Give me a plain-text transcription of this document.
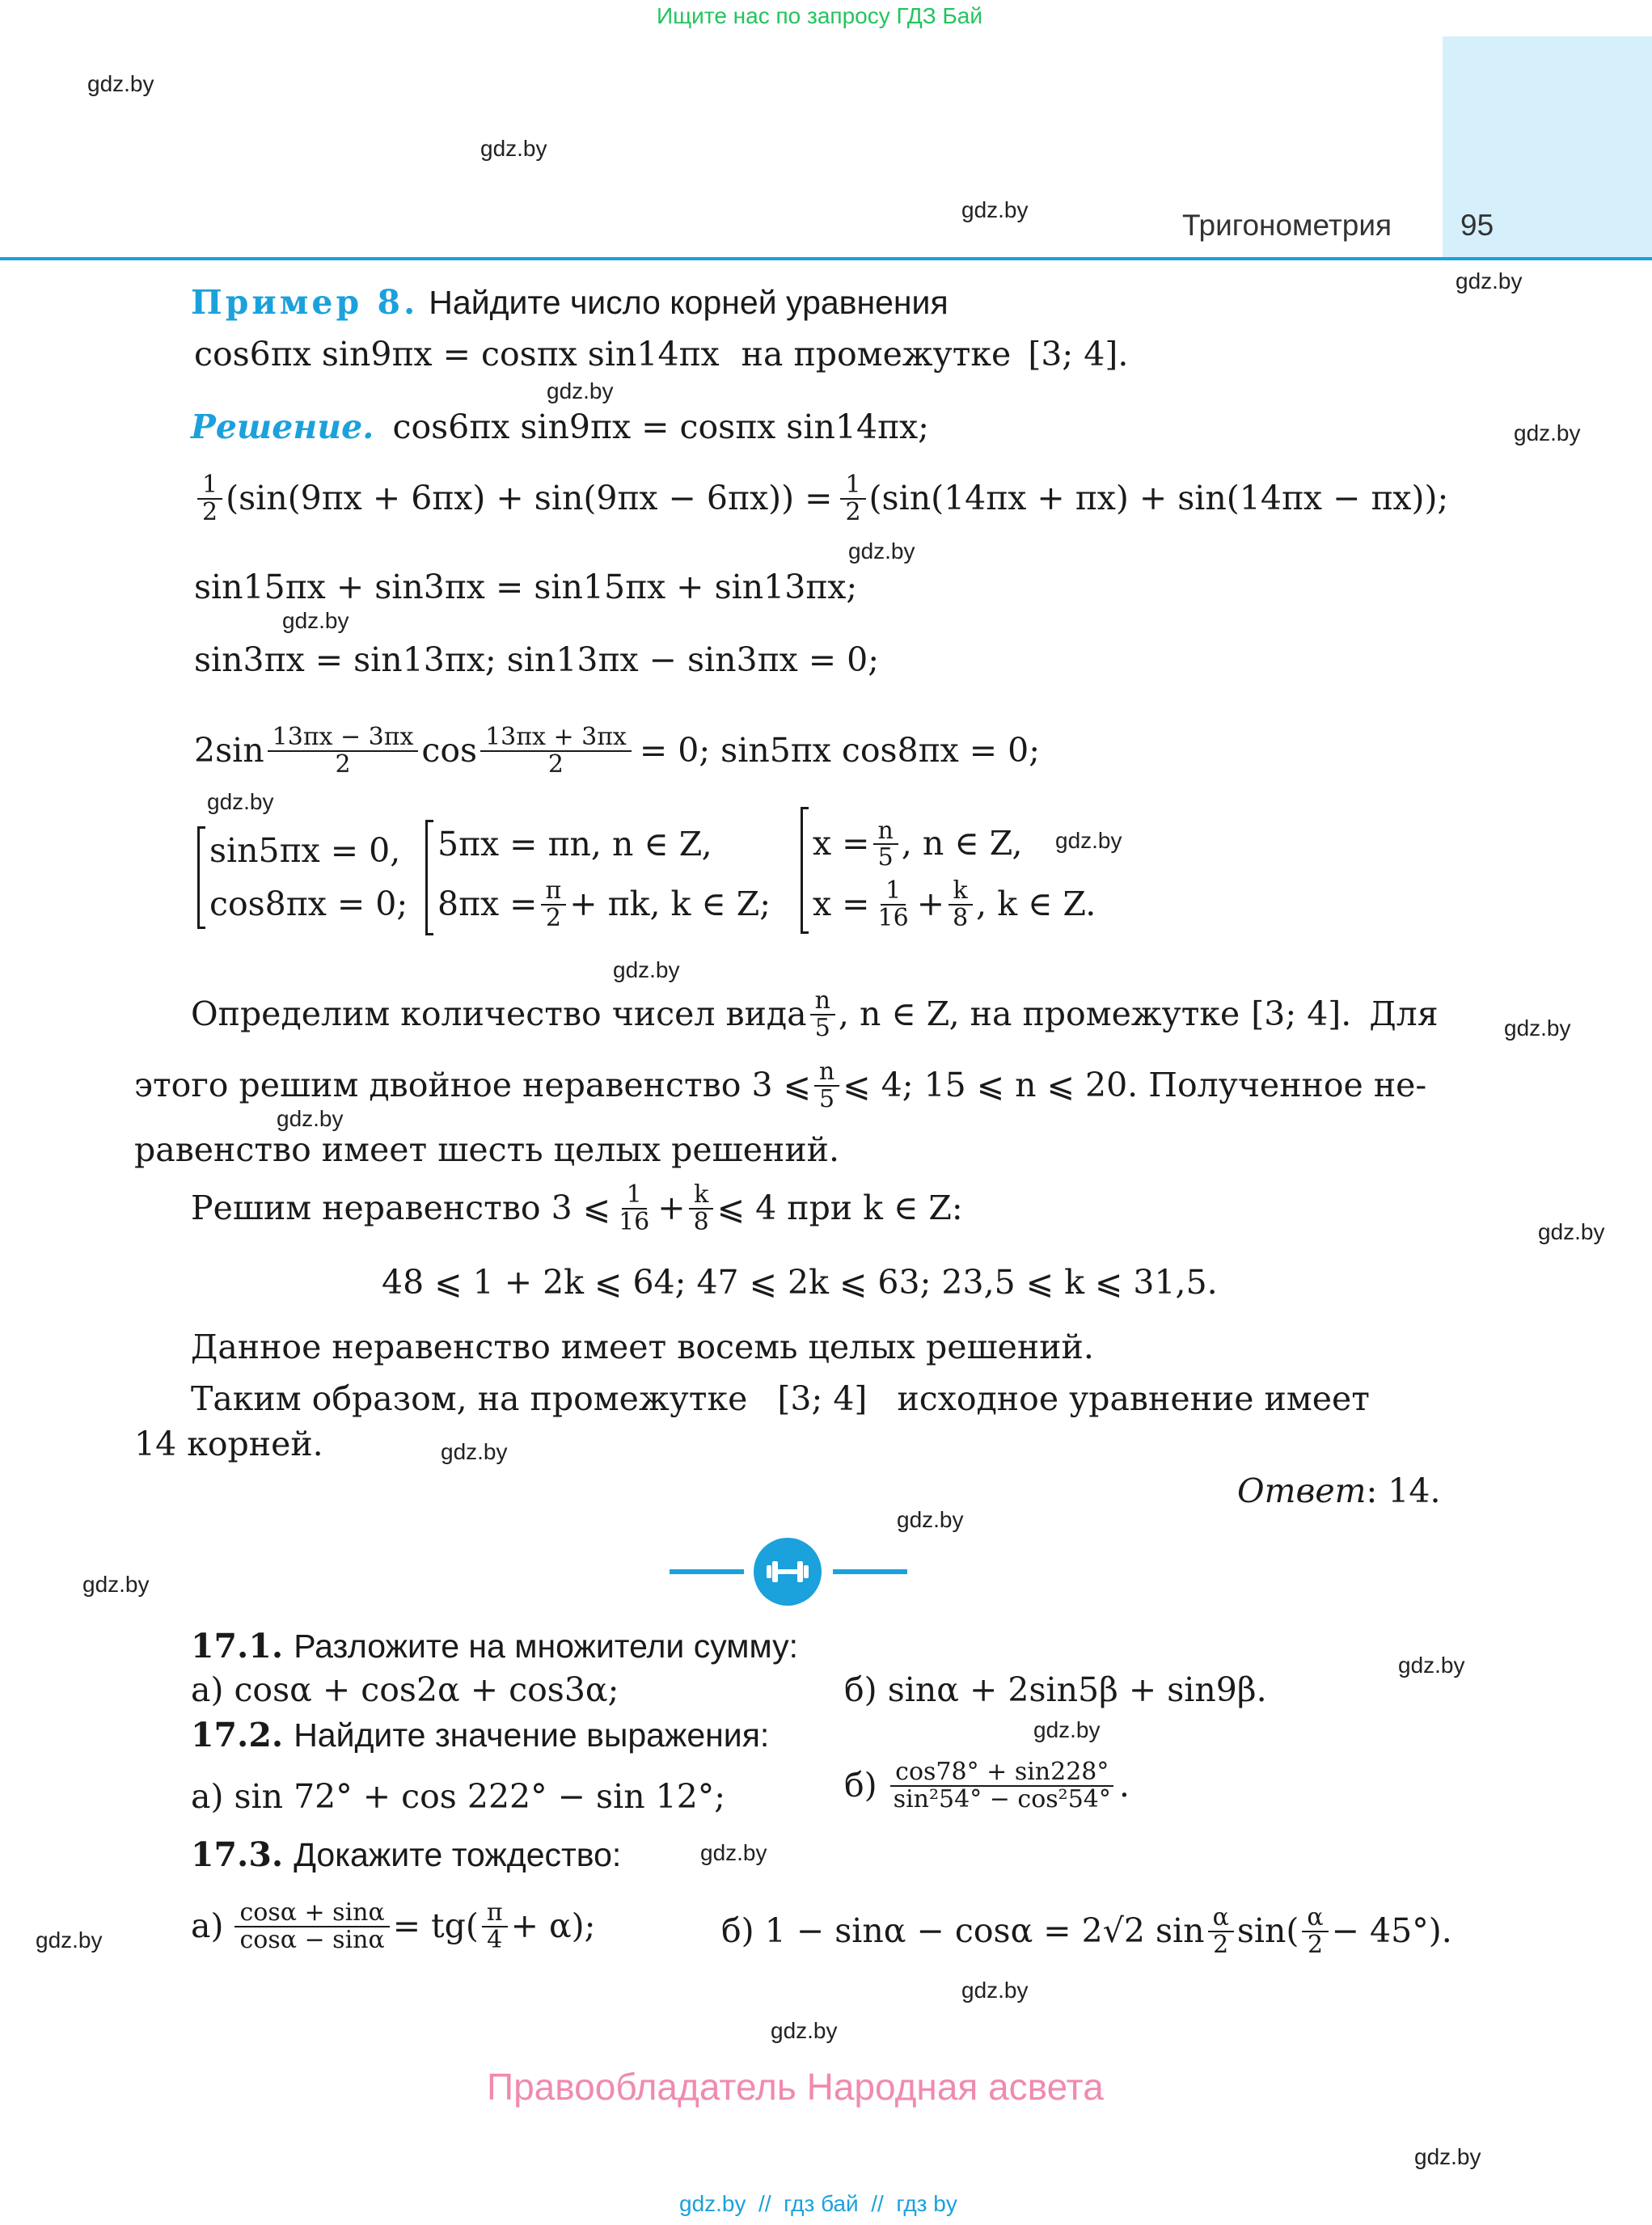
Ищите нас по запросу ГДЗ Бай
Тригонометрия 95
gdz.by
gdz.by
gdz.by
gdz.by
gdz.by
gdz.by
gdz.by
gdz.by
gdz.by
gdz.by
gdz.by
gdz.by
gdz.by
gdz.by
gdz.by
gdz.by
gdz.by
gdz.by
gdz.by
gdz.by
gdz.by
gdz.by
gdz.by
gdz.by
Пример 8. Найдите число корней уравнения
cos6πx sin9πx = cosπx sin14πx на промежутке [3; 4].
Решение. cos6πx sin9πx = cosπx sin14πx;
$\frac{1}{2} (\sin(9\pi x + 6\pi x) + \sin(9\pi x - 6\pi x)) = \frac{1}{2} (\sin(14\pi x + \pi x) + \sin(14\pi x - \pi x))$;
sin15πx + sin3πx = sin15πx + sin13πx;
sin3πx = sin13πx; sin13πx − sin3πx = 0;
$2\sin \frac{13\pi x - 3\pi x}{2}$ $\cos \frac{13\pi x + 3\pi x}{2} = 0$; sin5πx cos8πx = 0;
sin5πx = 0,
cos8πx = 0;
5πx = πn, n ∈ Z,
$8\pi x = \frac{\pi}{2} + \pi k$, k ∈ Z;
$x = \frac{n}{5}$ , n ∈ Z,
$x = \frac{1}{16} + \frac{k}{8}$ , k ∈ Z.
Определим количество чисел вида $\frac{n}{5}$ , n ∈ Z, на промежутке [3; 4]. Для
этого решим двойное неравенство 3 ⩽ $\frac{n}{5}$ ⩽ 4; 15 ⩽ n ⩽ 20. Полученное не-
равенство имеет шесть целых решений.
Решим неравенство 3 ⩽ $\frac{1}{16} + \frac{k}{8}$ ⩽ 4 при k ∈ Z:
48 ⩽ 1 + 2k ⩽ 64; 47 ⩽ 2k ⩽ 63; 23,5 ⩽ k ⩽ 31,5.
Данное неравенство имеет восемь целых решений.
Таким образом, на промежутке [3; 4] исходное уравнение имеет
14 корней.
Ответ: 14.
17.1. Разложите на множители сумму:
а) cosα + cos2α + cos3α;	б) sinα + 2sin5β + sin9β.
17.2. Найдите значение выражения:
а) sin 72° + cos 222° − sin 12°;	$б) \frac{\cos 78^\circ + \sin 228^\circ}{\text{sin²54° − cos²54°}}$ .
17.3. Докажите тождество:
$а) \frac{\cos\alpha + \sin\alpha}{\cos\alpha - \sin\alpha} = tg( \frac{\pi}{4} + \alpha)$;	б) 1 − sinα − cosα = 2√2 $\sin \frac{\alpha}{2} \sin( \frac{\alpha}{2} - 45^\circ)$.
Правообладатель Народная асвета
gdz.by  //  гдз бай  //  гдз by
